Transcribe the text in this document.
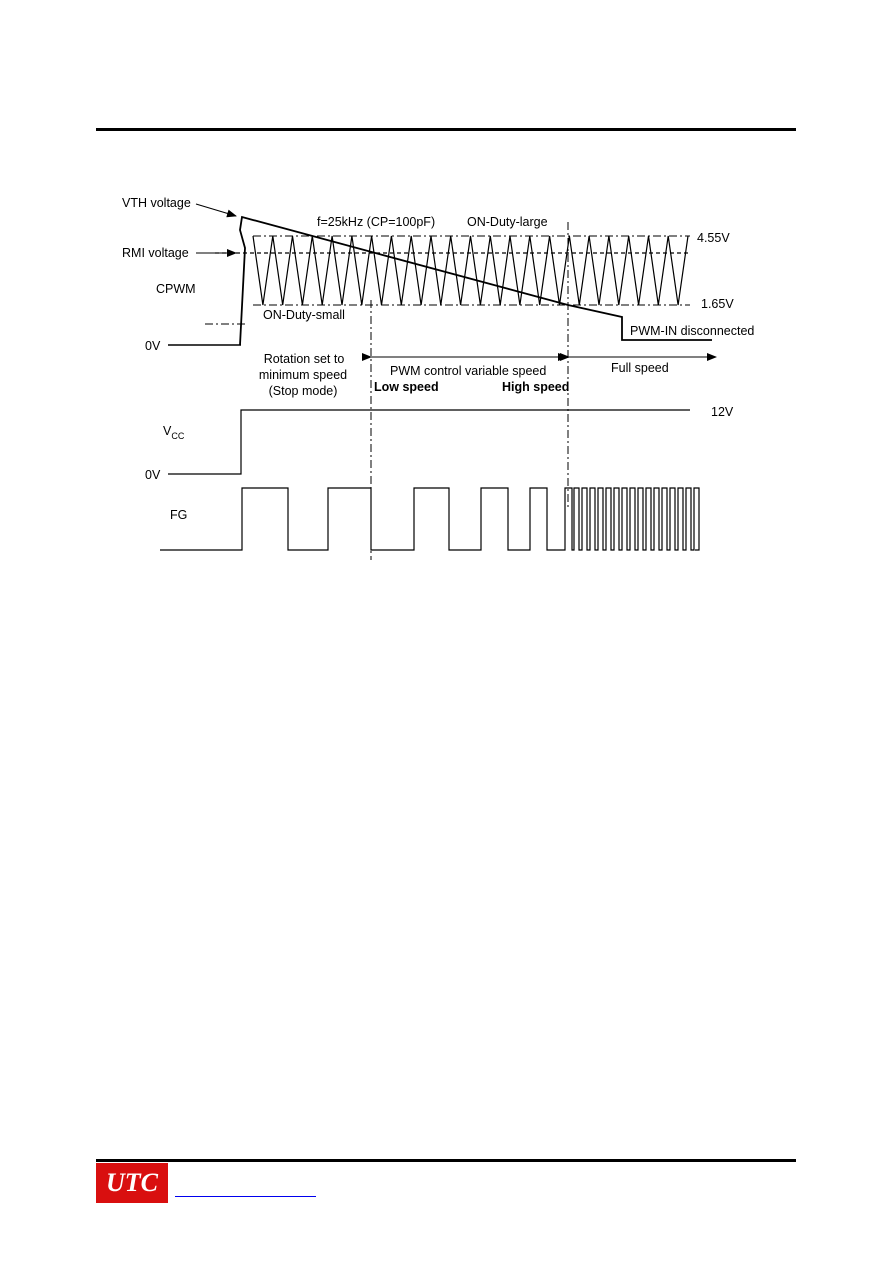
VTH voltage
RMI voltage
CPWM
f=25kHz (CP=100pF)	ON-Duty-large
ON-Duty-small
4.55V
1.65V
PWM-IN disconnected
0V
Rotation set to
minimum speed
(Stop mode)
PWM control variable speed
Low speed	High speed
Full speed
$V_{CC}$
12V
0V
FG
UTC
